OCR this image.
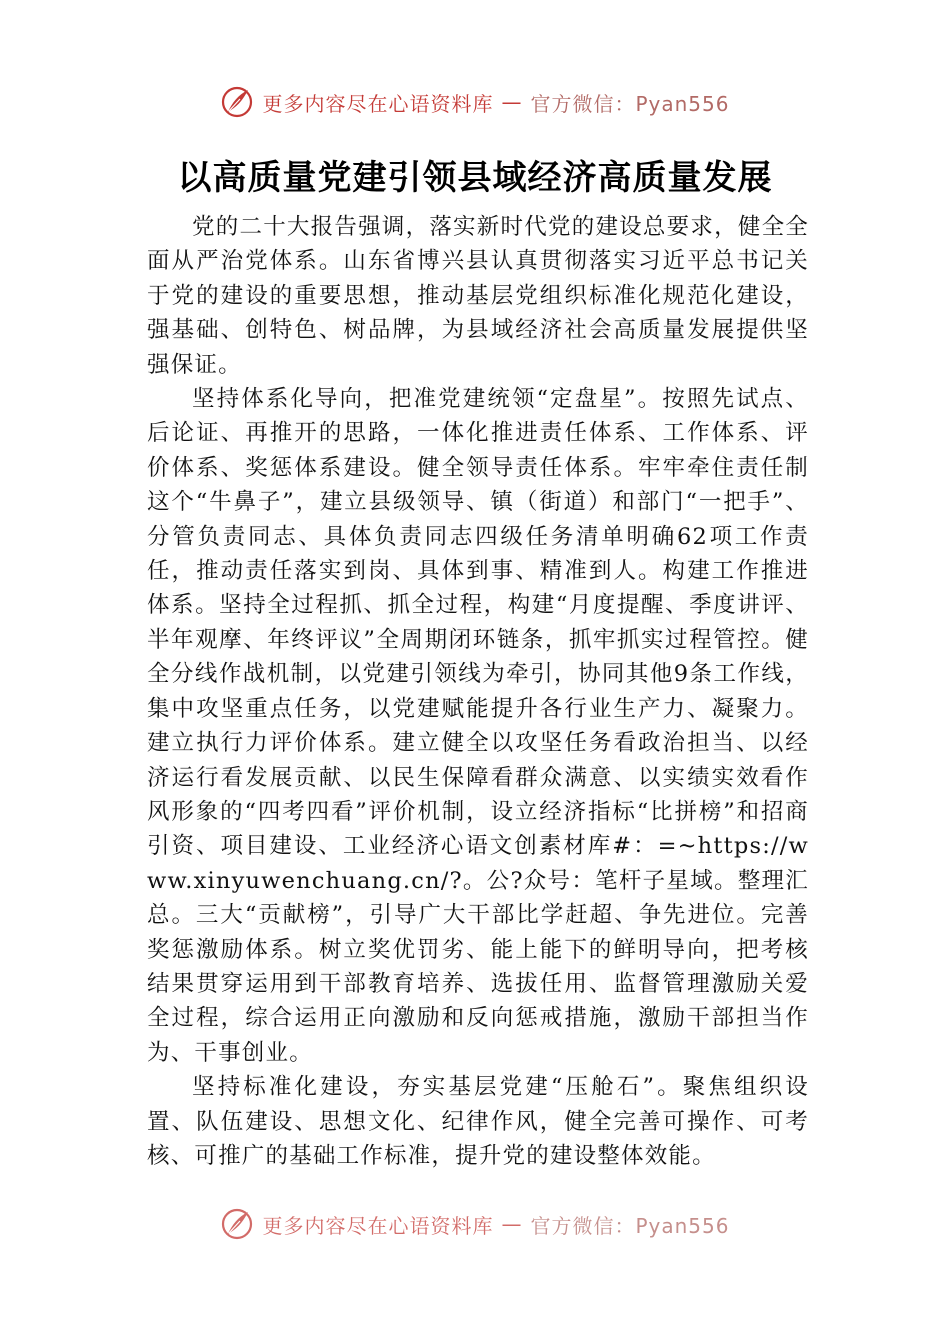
更多内容尽在心语资料库 — 官方微信：Pyan556
以高质量党建引领县域经济高质量发展

党的二十大报告强调，落实新时代党的建设总要求，健全全面从严治党体系。山东省博兴县认真贯彻落实习近平总书记关于党的建设的重要思想，推动基层党组织标准化规范化建设，强基础、创特色、树品牌，为县域经济社会高质量发展提供坚强保证。

坚持体系化导向，把准党建统领“定盘星”。按照先试点、后论证、再推开的思路，一体化推进责任体系、工作体系、评价体系、奖惩体系建设。健全领导责任体系。牢牢牵住责任制这个“牛鼻子”，建立县级领导、镇（街道）和部门“一把手”、分管负责同志、具体负责同志四级任务清单明确62项工作责任，推动责任落实到岗、具体到事、精准到人。构建工作推进体系。坚持全过程抓、抓全过程，构建“月度提醒、季度讲评、半年观摩、年终评议”全周期闭环链条，抓牢抓实过程管控。健全分线作战机制，以党建引领线为牵引，协同其他9条工作线，集中攻坚重点任务，以党建赋能提升各行业生产力、凝聚力。建立执行力评价体系。建立健全以攻坚任务看政治担当、以经济运行看发展贡献、以民生保障看群众满意、以实绩实效看作风形象的“四考四看”评价机制，设立经济指标“比拼榜”和招商引资、项目建设、工业经济心语文创素材库#：=~https://www.xinyuwenchuang.cn/?。公?众号：笔杆子星域。整理汇总。三大“贡献榜”，引导广大干部比学赶超、争先进位。完善奖惩激励体系。树立奖优罚劣、能上能下的鲜明导向，把考核结果贯穿运用到干部教育培养、选拔任用、监督管理激励关爱全过程，综合运用正向激励和反向惩戒措施，激励干部担当作为、干事创业。

坚持标准化建设，夯实基层党建“压舱石”。聚焦组织设置、队伍建设、思想文化、纪律作风，健全完善可操作、可考核、可推广的基础工作标准，提升党的建设整体效能。

更多内容尽在心语资料库 — 官方微信：Pyan556
